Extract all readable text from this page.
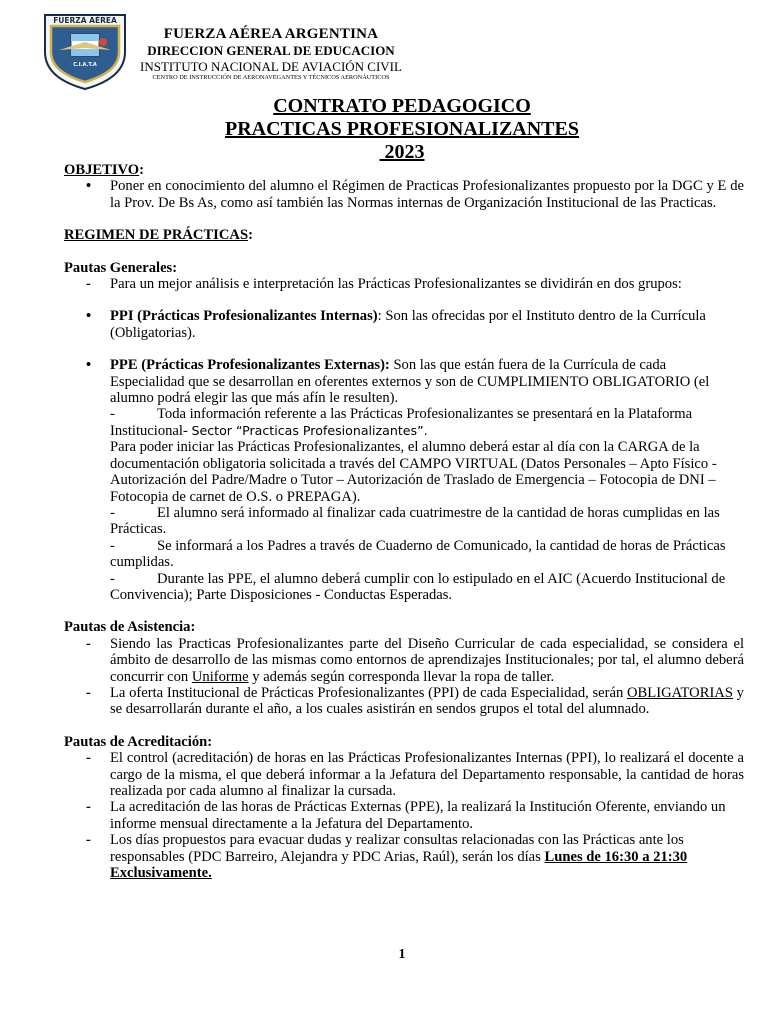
FUERZA AÉREA
C.I.A.T.A
FUERZA AÉREA ARGENTINA
DIRECCION GENERAL DE EDUCACION
INSTITUTO NACIONAL DE AVIACIÓN CIVIL
CENTRO DE INSTRUCCIÓN DE AERONAVEGANTES Y TÉCNICOS AERONÁUTICOS
CONTRATO PEDAGOGICO
PRACTICAS PROFESIONALIZANTES
2023
OBJETIVO:
• Poner en conocimiento del alumno el Régimen de Practicas Profesionalizantes propuesto por la DGC y E de la Prov. De Bs As, como así también las Normas internas de Organización Institucional de las Practicas.
REGIMEN DE PRÁCTICAS:
Pautas Generales:
- Para un mejor análisis e interpretación las Prácticas Profesionalizantes se dividirán en dos grupos:
• PPI (Prácticas Profesionalizantes Internas): Son las ofrecidas por el Instituto dentro de la Currícula (Obligatorias).
• PPE (Prácticas Profesionalizantes Externas): Son las que están fuera de la Currícula de cada Especialidad que se desarrollan en oferentes externos y son de CUMPLIMIENTO OBLIGATORIO (el alumno podrá elegir las que más afín le resulten).
-	Toda información referente a las Prácticas Profesionalizantes se presentará en la Plataforma Institucional- Sector “Practicas Profesionalizantes”.
Para poder iniciar las Prácticas Profesionalizantes, el alumno deberá estar al día con la CARGA de la documentación obligatoria solicitada a través del CAMPO VIRTUAL (Datos Personales – Apto Físico - Autorización del Padre/Madre o Tutor – Autorización de Traslado de Emergencia – Fotocopia de DNI – Fotocopia de carnet de O.S. o PREPAGA).
-	El alumno será informado al finalizar cada cuatrimestre de la cantidad de horas cumplidas en las Prácticas.
-	Se informará a los Padres a través de Cuaderno de Comunicado, la cantidad de horas de Prácticas cumplidas.
-	Durante las PPE, el alumno deberá cumplir con lo estipulado en el AIC (Acuerdo Institucional de Convivencia); Parte Disposiciones - Conductas Esperadas.
Pautas de Asistencia:
- Siendo las Practicas Profesionalizantes parte del Diseño Curricular de cada especialidad, se considera el ámbito de desarrollo de las mismas como entornos de aprendizajes Institucionales; por tal, el alumno deberá concurrir con Uniforme y además según corresponda llevar la ropa de taller.
- La oferta Institucional de Prácticas Profesionalizantes (PPI) de cada Especialidad, serán OBLIGATORIAS y se desarrollarán durante el año, a los cuales asistirán en sendos grupos el total del alumnado.
Pautas de Acreditación:
- El control (acreditación) de horas en las Prácticas Profesionalizantes Internas (PPI), lo realizará el docente a cargo de la misma, el que deberá informar a la Jefatura del Departamento responsable, la cantidad de horas realizada por cada alumno al finalizar la cursada.
- La acreditación de las horas de Prácticas Externas (PPE), la realizará la Institución Oferente, enviando un informe mensual directamente a la Jefatura del Departamento.
- Los días propuestos para evacuar dudas y realizar consultas relacionadas con las Prácticas ante los responsables (PDC Barreiro, Alejandra y PDC Arias, Raúl), serán los días Lunes de 16:30 a 21:30 Exclusivamente.
1
